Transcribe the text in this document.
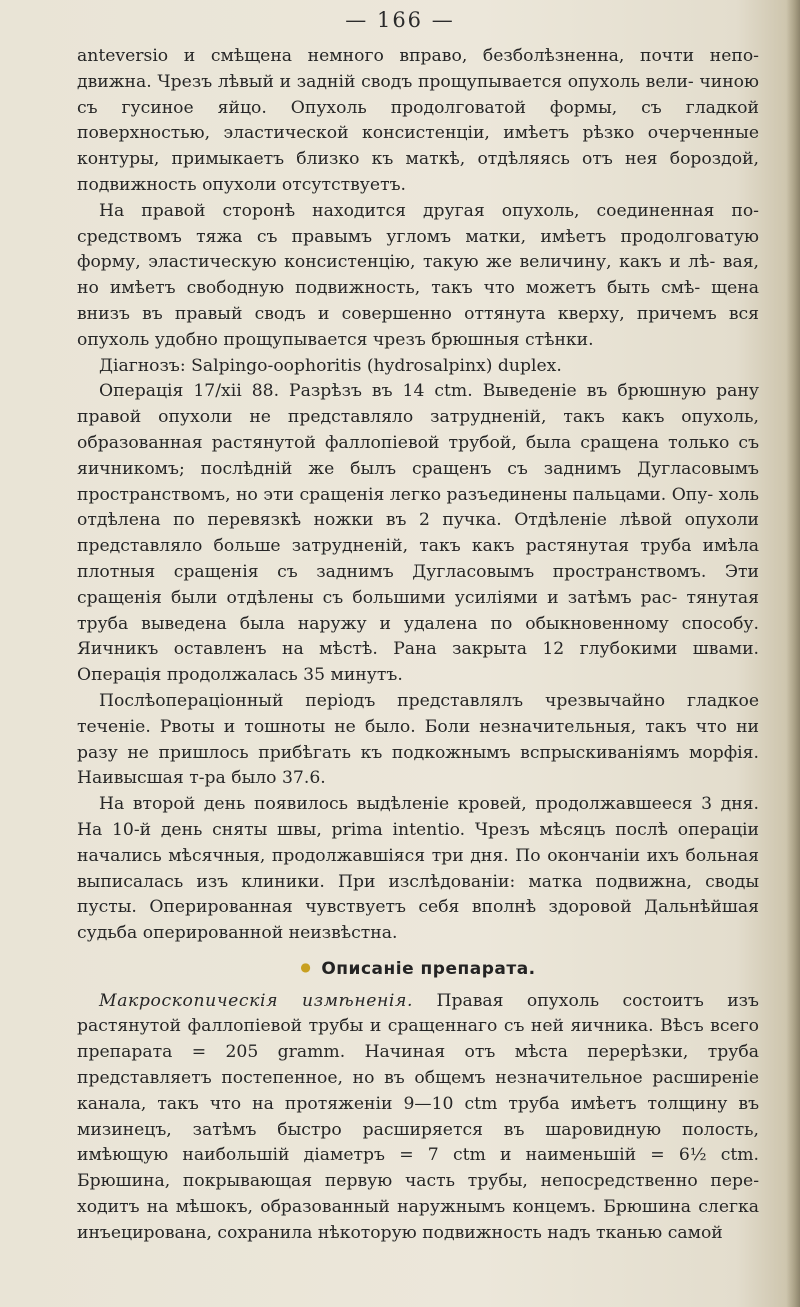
— 166 —

anteversio и смѣщена немного вправо, безболѣзненна, почти непо- движна. Чрезъ лѣвый и заднiй сводъ прощупывается опухоль вели- чиною съ гусиное яйцо. Опухоль продолговатой формы, съ гладкой поверхностью, эластической консистенцiи, имѣетъ рѣзко очерченные контуры, примыкаетъ близко къ маткѣ, отдѣляясь отъ нея бороздой, подвижность опухоли отсутствуетъ.

На правой сторонѣ находится другая опухоль, соединенная по- средствомъ тяжа съ правымъ угломъ матки, имѣетъ продолговатую форму, эластическую консистенцiю, такую же величину, какъ и лѣ- вая, но имѣетъ свободную подвижность, такъ что можетъ быть смѣ- щена внизъ въ правый сводъ и совершенно оттянута кверху, причемъ вся опухоль удобно прощупывается чрезъ брюшныя стѣнки.

Дiагнозъ: Salpingo-oophoritis (hydrosalpinx) duplex.

Операцiя 17/xii 88. Разрѣзъ въ 14 ctm. Выведенiе въ брюшную рану правой опухоли не представляло затрудненiй, такъ какъ опухоль, образованная растянутой фаллопiевой трубой, была сращена только съ яичникомъ; послѣднiй же былъ сращенъ съ заднимъ Дугласовымъ пространствомъ, но эти сращенiя легко разъединены пальцами. Опу- холь отдѣлена по перевязкѣ ножки въ 2 пучка. Отдѣленiе лѣвой опухоли представляло больше затрудненiй, такъ какъ растянутая труба имѣла плотныя сращенiя съ заднимъ Дугласовымъ пространствомъ. Эти сращенiя были отдѣлены съ большими усилiями и затѣмъ рас- тянутая труба выведена была наружу и удалена по обыкновенному способу. Яичникъ оставленъ на мѣстѣ. Рана закрыта 12 глубокими швами. Операцiя продолжалась 35 минутъ.

Послѣоперацiонный перiодъ представлялъ чрезвычайно гладкое теченiе. Рвоты и тошноты не было. Боли незначительныя, такъ что ни разу не пришлось прибѣгать къ подкожнымъ вспрыскиванiямъ морфiя. Наивысшая т-ра было 37.6.

На второй день появилось выдѣленiе кровей, продолжавшееся 3 дня. На 10-й день сняты швы, prima intentio. Чрезъ мѣсяцъ послѣ операцiи начались мѣсячныя, продолжавшiяся три дня. По окончанiи ихъ больная выписалась изъ клиники. При изслѣдованiи: матка подвижна, своды пусты. Оперированная чувствуетъ себя вполнѣ здоровой Дальнѣйшая судьба оперированной неизвѣстна.

● Описанiе препарата.

Макроскопическiя измѣненiя. Правая опухоль состоитъ изъ растянутой фаллопiевой трубы и сращеннаго съ ней яичника. Вѣсъ всего препарата = 205 gramm. Начиная отъ мѣста перерѣзки, труба представляетъ постепенное, но въ общемъ незначительное расширенiе канала, такъ что на протяженiи 9—10 ctm труба имѣетъ толщину въ мизинецъ, затѣмъ быстро расширяется въ шаровидную полость, имѣющую наибольшiй дiаметръ = 7 ctm и наименьшiй = 6½ ctm. Брюшина, покрывающая первую часть трубы, непосредственно пере- ходитъ на мѣшокъ, образованный наружнымъ концемъ. Брюшина слегка инъецирована, сохранила нѣкоторую подвижность надъ тканью самой
